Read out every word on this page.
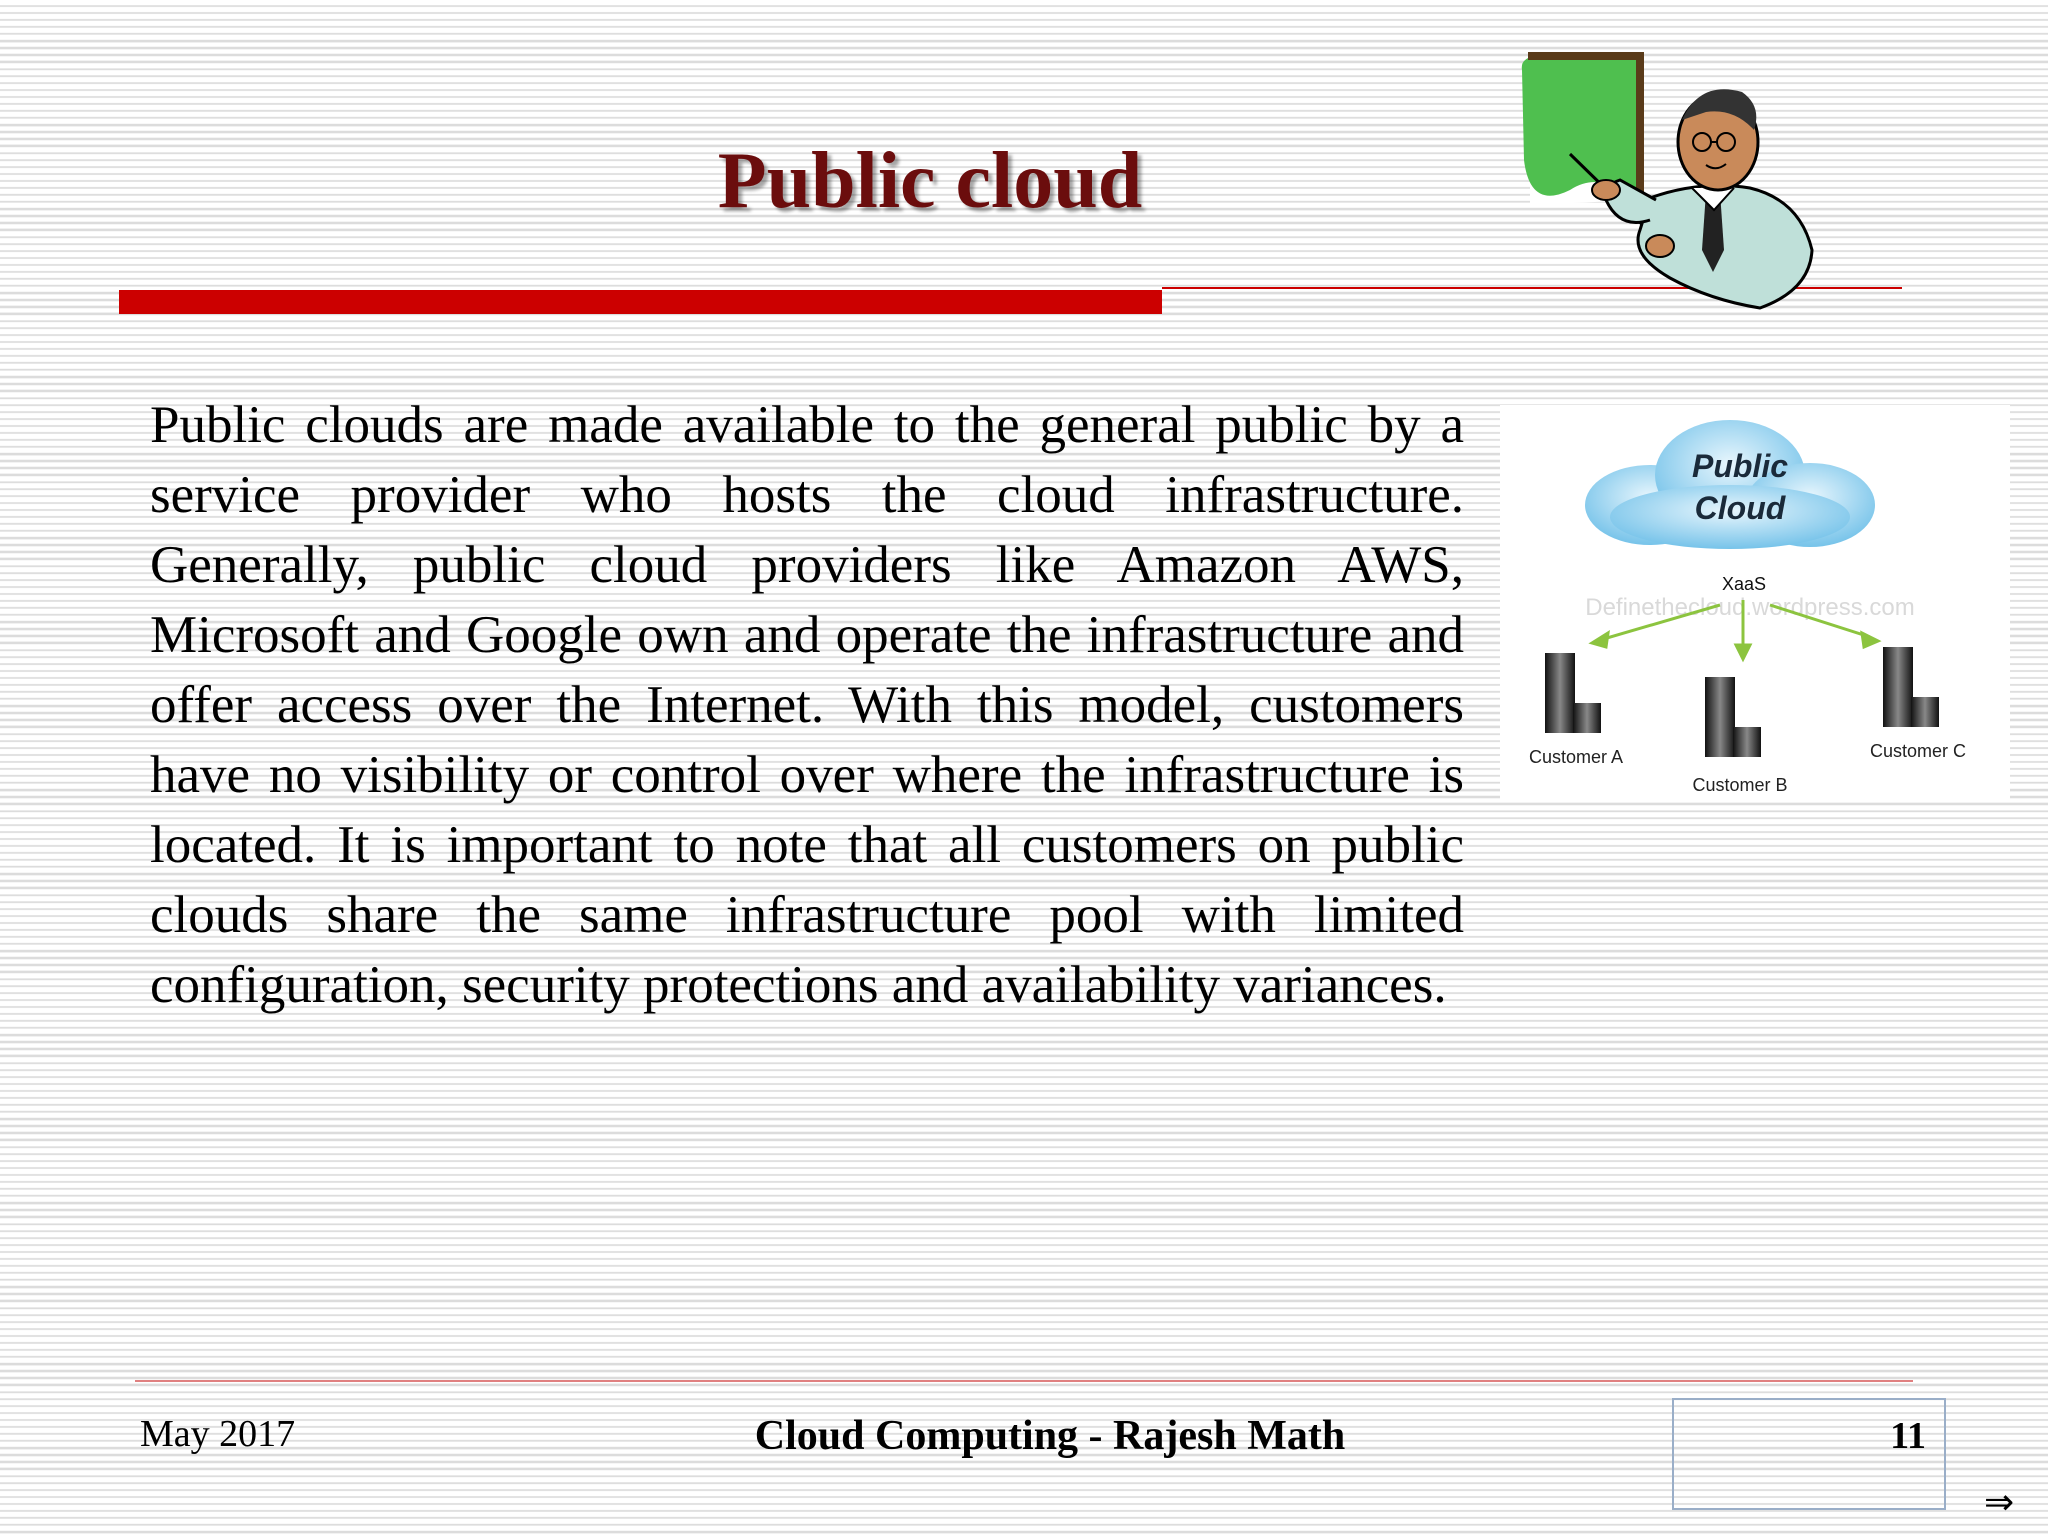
Public cloud

Public clouds are made available to the general public by a service provider who hosts the cloud infrastructure. Generally, public cloud providers like Amazon AWS, Microsoft and Google own and operate the infrastructure and offer access over the Internet. With this model, customers have no visibility or control over where the infrastructure is located. It is important to note that all customers on public clouds share the same infrastructure pool with limited configuration, security protections and availability variances.

Public
Cloud
XaaS
Definethecloud.wordpress.com
Customer A
Customer B
Customer C
May 2017	Cloud Computing - Rajesh Math	11
⇒
